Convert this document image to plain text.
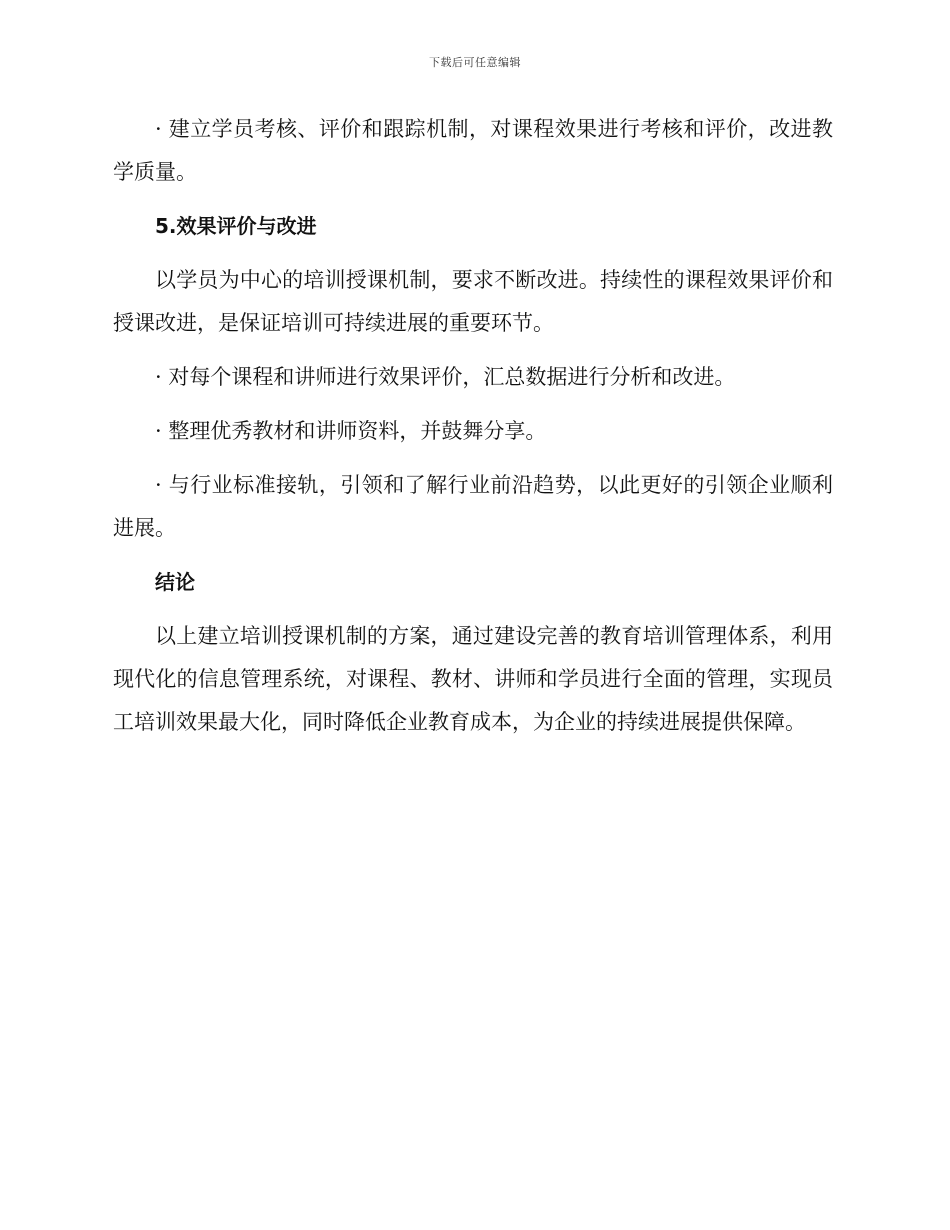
下载后可任意编辑

· 建立学员考核、评价和跟踪机制，对课程效果进行考核和评价，改进教学质量。

5.效果评价与改进

以学员为中心的培训授课机制，要求不断改进。持续性的课程效果评价和授课改进，是保证培训可持续进展的重要环节。

· 对每个课程和讲师进行效果评价，汇总数据进行分析和改进。

· 整理优秀教材和讲师资料，并鼓舞分享。

· 与行业标准接轨，引领和了解行业前沿趋势，以此更好的引领企业顺利进展。

结论

以上建立培训授课机制的方案，通过建设完善的教育培训管理体系，利用现代化的信息管理系统，对课程、教材、讲师和学员进行全面的管理，实现员工培训效果最大化，同时降低企业教育成本，为企业的持续进展提供保障。
